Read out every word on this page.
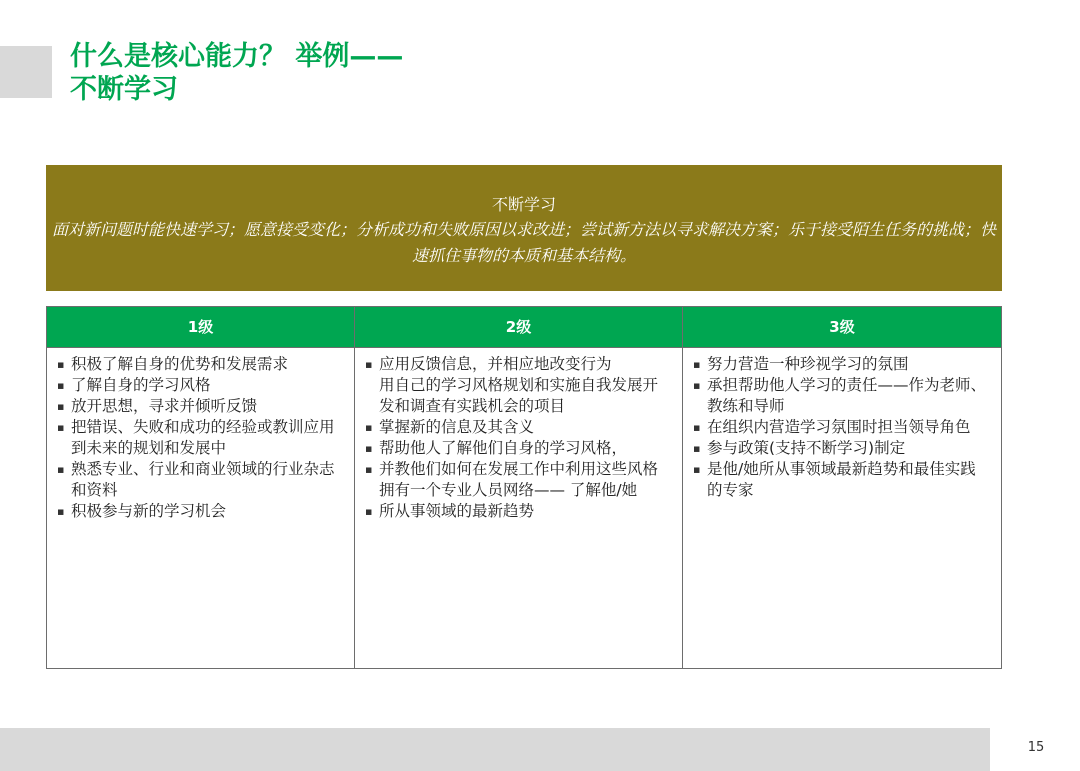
什么是核心能力？ 举例——
不断学习
不断学习
面对新问题时能快速学习；愿意接受变化；分析成功和失败原因以求改进；尝试新方法以寻求解决方案；乐于接受陌生任务的挑战；快速抓住事物的本质和基本结构。
1级
▪ 积极了解自身的优势和发展需求
▪ 了解自身的学习风格
▪ 放开思想，寻求并倾听反馈
▪ 把错误、失败和成功的经验或教训应用到未来的规划和发展中
▪ 熟悉专业、行业和商业领域的行业杂志和资料
▪ 积极参与新的学习机会
2级
▪ 应用反馈信息，并相应地改变行为
用自己的学习风格规划和实施自我发展开发和调查有实践机会的项目
▪ 掌握新的信息及其含义
▪ 帮助他人了解他们自身的学习风格，
▪ 并教他们如何在发展工作中利用这些风格
拥有一个专业人员网络—— 了解他/她
▪ 所从事领域的最新趋势
3级
▪ 努力营造一种珍视学习的氛围
▪ 承担帮助他人学习的责任——作为老师、教练和导师
▪ 在组织内营造学习氛围时担当领导角色
▪ 参与政策(支持不断学习)制定
▪ 是他/她所从事领域最新趋势和最佳实践的专家
15
